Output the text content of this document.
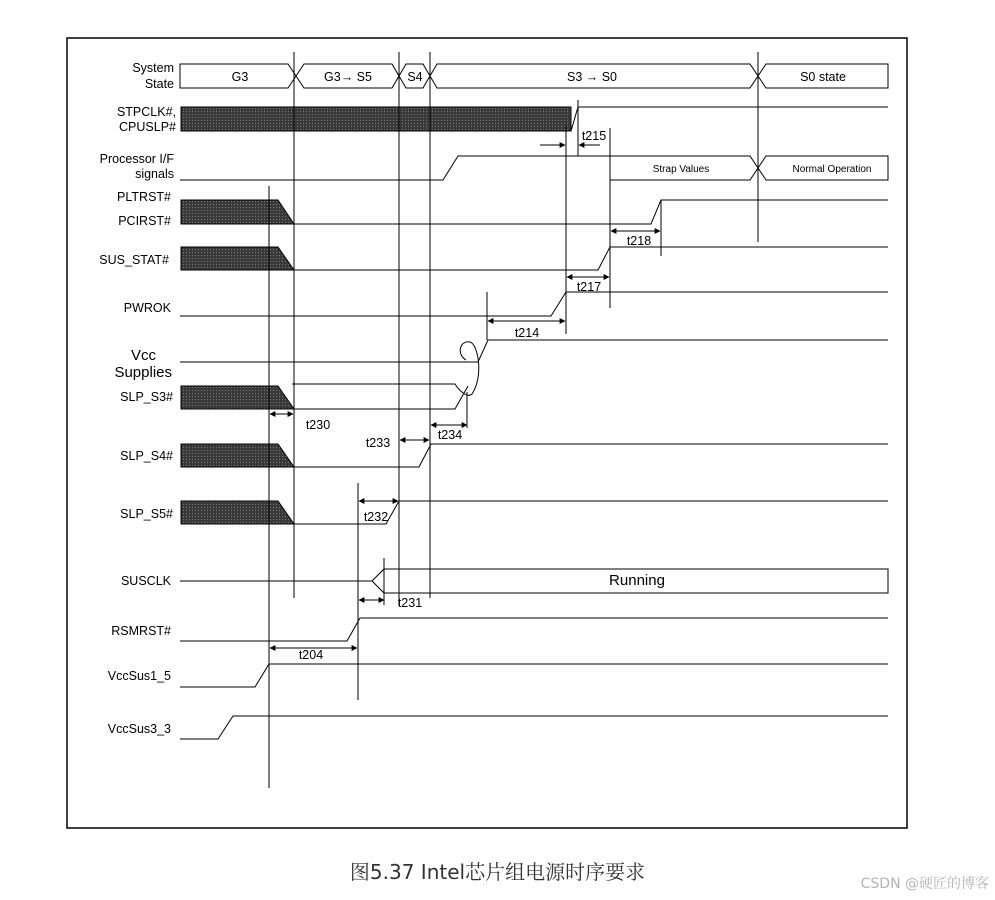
System
State
STPCLK#,
CPUSLP#
Processor I/F
signals
PLTRST#
PCIRST#
SUS_STAT#
PWROK
Vcc
Supplies
SLP_S3#
SLP_S4#
SLP_S5#
SUSCLK
RSMRST#
VccSus1_5
VccSus3_3
G3	G3→ S5	S4	S3 → S0	S0 state
Strap Values	Normal Operation
Running
t215
t218
t217
t214
t230
t234
t233
t232
t231
t204
图5.37 Intel芯片组电源时序要求	CSDN @硬匠的博客
